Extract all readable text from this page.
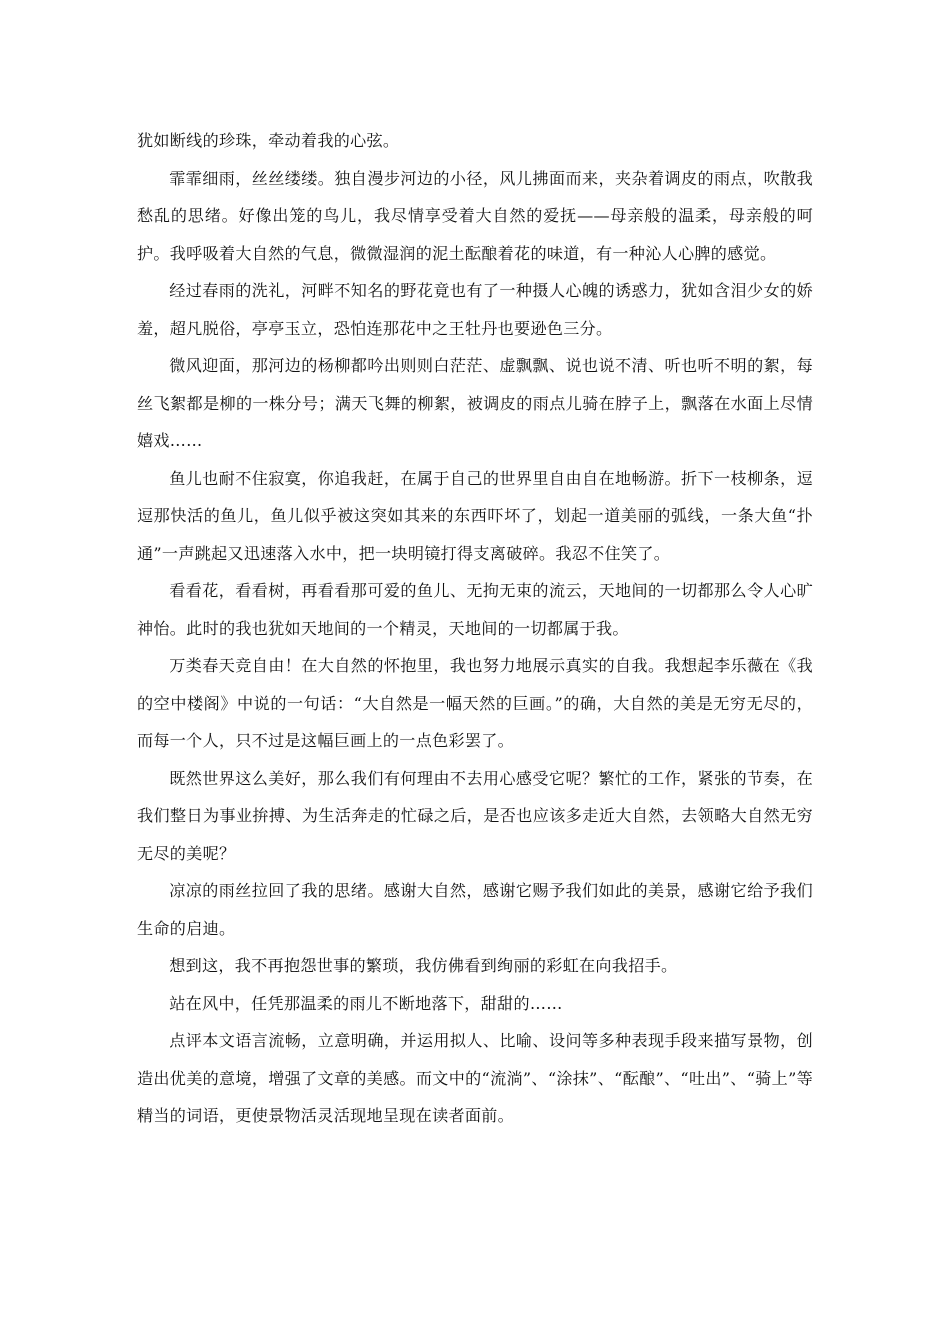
犹如断线的珍珠，牵动着我的心弦。

霏霏细雨，丝丝缕缕。独自漫步河边的小径，风儿拂面而来，夹杂着调皮的雨点，吹散我愁乱的思绪。好像出笼的鸟儿，我尽情享受着大自然的爱抚——母亲般的温柔，母亲般的呵护。我呼吸着大自然的气息，微微湿润的泥土酝酿着花的味道，有一种沁人心脾的感觉。

经过春雨的洗礼，河畔不知名的野花竟也有了一种摄人心魄的诱惑力，犹如含泪少女的娇羞，超凡脱俗，亭亭玉立，恐怕连那花中之王牡丹也要逊色三分。

微风迎面，那河边的杨柳都吟出则则白茫茫、虚飘飘、说也说不清、听也听不明的絮，每丝飞絮都是柳的一株分号；满天飞舞的柳絮，被调皮的雨点儿骑在脖子上，飘落在水面上尽情嬉戏……

鱼儿也耐不住寂寞，你追我赶，在属于自己的世界里自由自在地畅游。折下一枝柳条，逗逗那快活的鱼儿，鱼儿似乎被这突如其来的东西吓坏了，划起一道美丽的弧线，一条大鱼“扑通”一声跳起又迅速落入水中，把一块明镜打得支离破碎。我忍不住笑了。

看看花，看看树，再看看那可爱的鱼儿、无拘无束的流云，天地间的一切都那么令人心旷神怡。此时的我也犹如天地间的一个精灵，天地间的一切都属于我。

万类春天竞自由！在大自然的怀抱里，我也努力地展示真实的自我。我想起李乐薇在《我的空中楼阁》中说的一句话：“大自然是一幅天然的巨画。”的确，大自然的美是无穷无尽的，而每一个人，只不过是这幅巨画上的一点色彩罢了。

既然世界这么美好，那么我们有何理由不去用心感受它呢？繁忙的工作，紧张的节奏，在我们整日为事业拚搏、为生活奔走的忙碌之后，是否也应该多走近大自然，去领略大自然无穷无尽的美呢？

凉凉的雨丝拉回了我的思绪。感谢大自然，感谢它赐予我们如此的美景，感谢它给予我们生命的启迪。

想到这，我不再抱怨世事的繁琐，我仿佛看到绚丽的彩虹在向我招手。

站在风中，任凭那温柔的雨儿不断地落下，甜甜的……

点评本文语言流畅，立意明确，并运用拟人、比喻、设问等多种表现手段来描写景物，创造出优美的意境，增强了文章的美感。而文中的“流淌”、“涂抹”、“酝酿”、“吐出”、“骑上”等精当的词语，更使景物活灵活现地呈现在读者面前。
